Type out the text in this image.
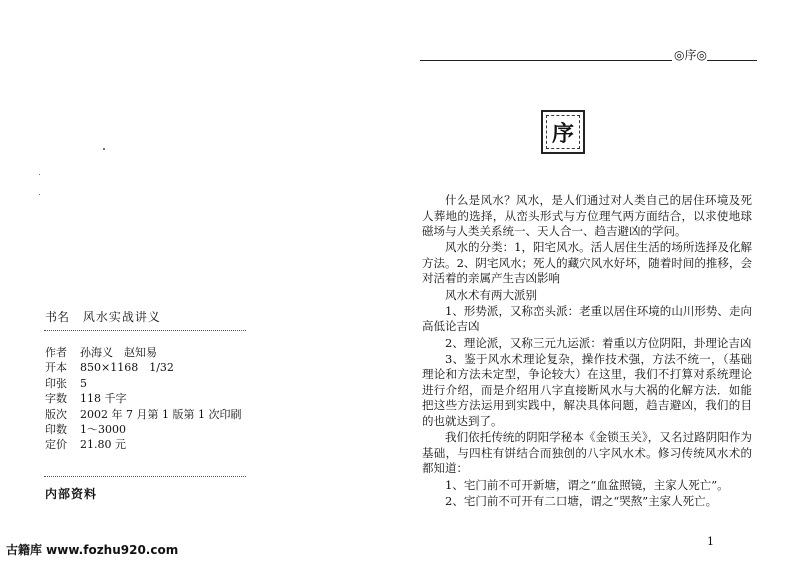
书名 风水实战讲义
作者 孙海义　赵知易
开本 850×1168　1/32
印张 5
字数 118 千字
版次 2002 年 7 月第 1 版第 1 次印刷
印数 1～3000
定价 21.80 元
内部资料
古籍库 www.fozhu920.com
◎序◎
序

什么是风水？风水，是人们通过对人类自己的居住环境及死人葬地的选择，从峦头形式与方位理气两方面结合，以求使地球磁场与人类关系统一、天人合一、趋吉避凶的学问。

风水的分类：1，阳宅风水。活人居住生活的场所选择及化解方法。2、阴宅风水；死人的藏穴风水好坏，随着时间的推移，会对活着的亲属产生吉凶影响

风水术有两大派别

1、形势派，又称峦头派：老重以居住环境的山川形势、走向高低论吉凶

2、理论派，又称三元九运派：着重以方位阴阳，卦理论吉凶

3、鉴于风水术理论复杂，操作技术强，方法不统一，（基础理论和方法未定型，争论较大）在这里，我们不打算对系统理论进行介绍，而是介绍用八字直接断风水与大祸的化解方法．如能把这些方法运用到实践中，解决具体问题，趋吉避凶，我们的目的也就达到了。

我们依托传统的阴阳学秘本《金锁玉关》，又名过路阴阳作为基础，与四柱有饼结合而独创的八字风水术。修习传统风水术的都知道：

1、宅门前不可开新塘，谓之“血盆照镜，主家人死亡”。

2、宅门前不可开有二口塘，谓之“哭熬”主家人死亡。

1
